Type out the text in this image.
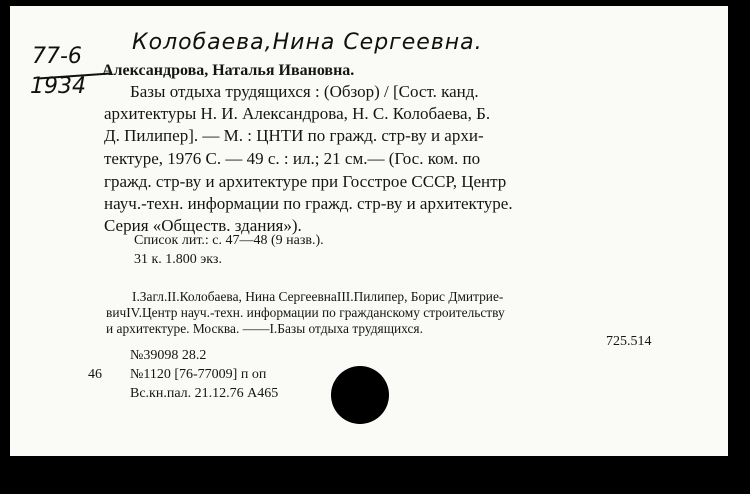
Колобаева,Нина Сергеевна.
77-6
1934
Александрова, Наталья Ивановна.
Базы отдыха трудящихся : (Обзор) / [Сост. канд.
архитектуры Н. И. Александрова, Н. С. Колобаева, Б.
Д. Пилипер]. — М. : ЦНТИ по гражд. стр-ву и архи-
тектуре, 1976 С. — 49 с. : ил.; 21 см.— (Гос. ком. по
гражд. стр-ву и архитектуре при Госстрое СССР, Центр
науч.-техн. информации по гражд. стр-ву и архитектуре.
Серия «Обществ. здания»).
Список лит.: с. 47—48 (9 назв.).
31 к. 1.800 экз.
I.Загл.II.Колобаева, Нина СергеевнаIII.Пилипер, Борис Дмитрие-
вичIV.Центр науч.-техн. информации по гражданскому строительству
и архитектуре. Москва. ——I.Базы отдыха трудящихся.
725.514
№39098 28.2
46 №1120 [76-77009] п оп
Вс.кн.пал. 21.12.76 А465
